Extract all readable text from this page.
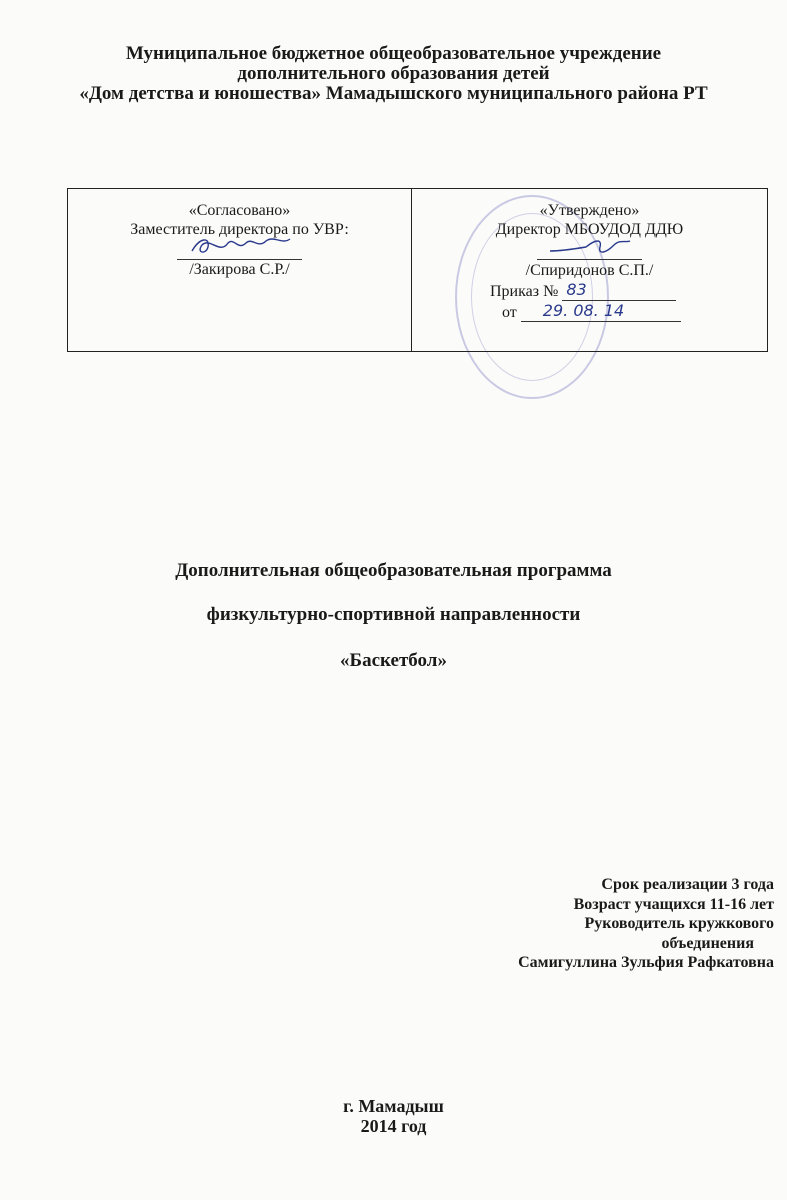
Муниципальное бюджетное общеобразовательное учреждение
дополнительного образования детей
«Дом детства и юношества» Мамадышского муниципального района РТ
«Согласовано»
Заместитель директора по УВР:
/Закирова С.Р./
«Утверждено»
Директор МБОУДОД ДДЮ
/Спиридонов С.П./
Приказ № 83
от 29. 08. 14
Дополнительная общеобразовательная программа
физкультурно-спортивной направленности
«Баскетбол»
Срок реализации 3 года
Возраст учащихся 11-16 лет
Руководитель кружкового
объединения
Самигуллина Зульфия Рафкатовна
г. Мамадыш
2014 год
